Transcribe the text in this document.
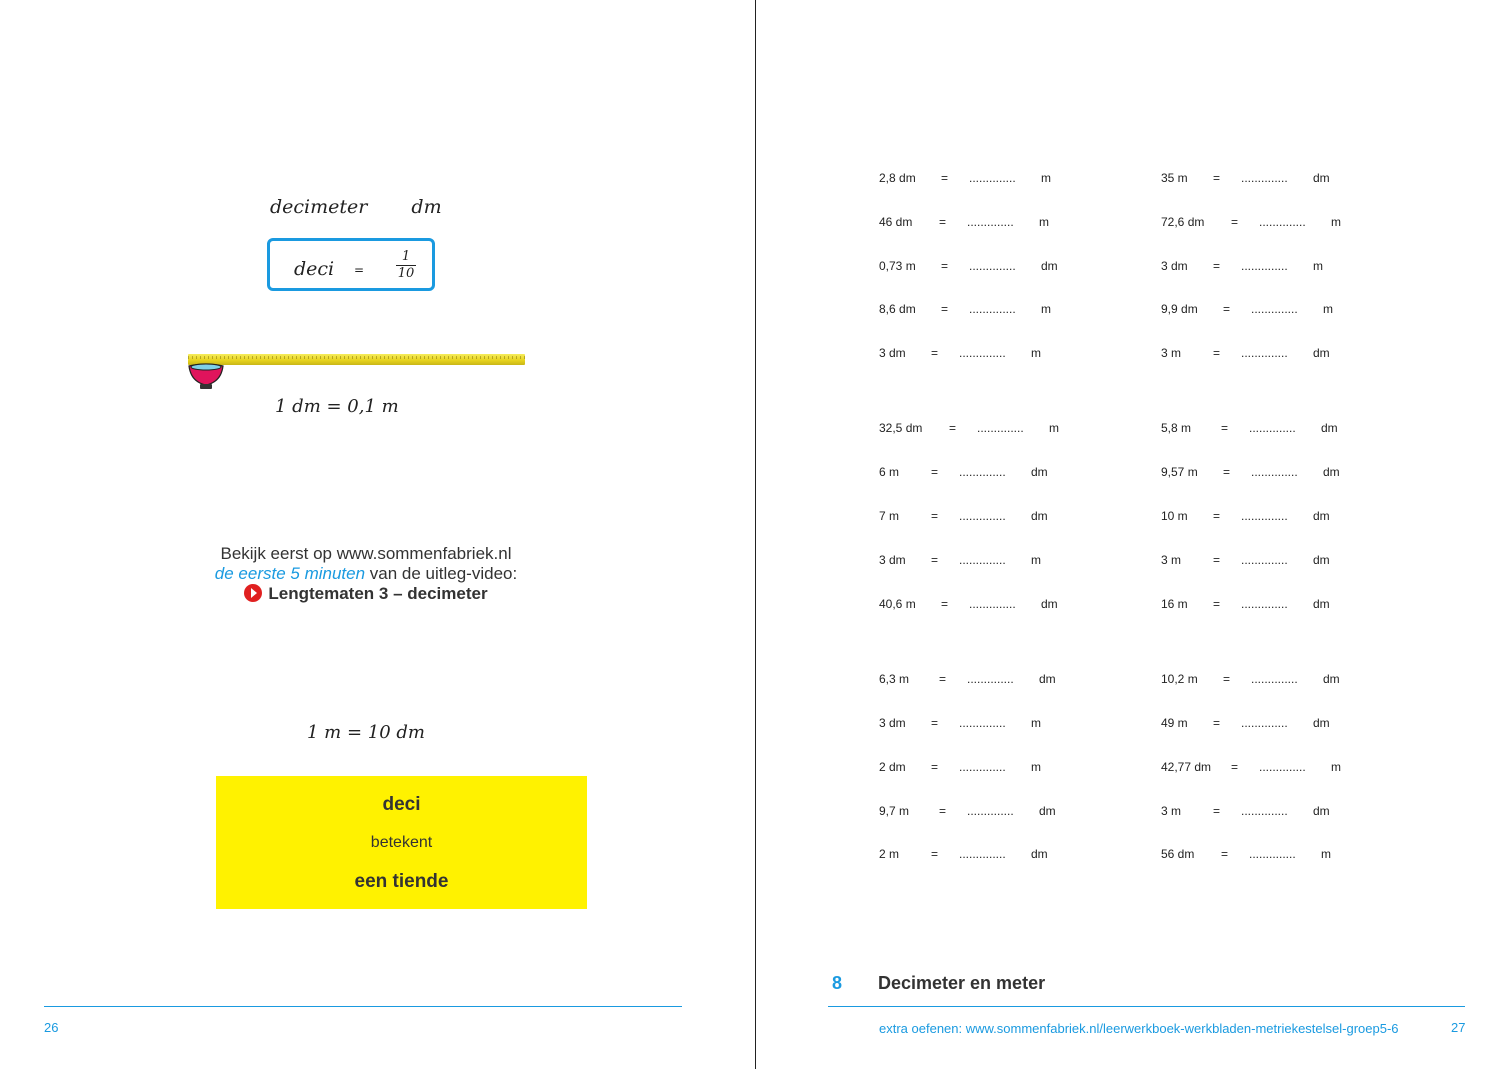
decimeter dm
deci =
1
10
1 dm = 0,1 m
Bekijk eerst op www.sommenfabriek.nl
de eerste 5 minuten van de uitleg-video:
Lengtematen 3 – decimeter
1 m = 10 dm
deci
betekent
een tiende
26
2,8 dm = .............. m
46 dm = .............. m
0,73 m = .............. dm
8,6 dm = .............. m
3 dm = .............. m
32,5 dm = .............. m
6 m	= .............. dm
7 m	= .............. dm
3 dm = .............. m
40,6 m = .............. dm
6,3 m = .............. dm
3 dm = .............. m
2 dm = .............. m
9,7 m = .............. dm
2 m	= .............. dm
35 m = .............. dm
72,6 dm = .............. m
3 dm = .............. m
9,9 dm = .............. m
3 m	= .............. dm
5,8 m = .............. dm
9,57 m = .............. dm
10 m = .............. dm
3 m	= .............. dm
16 m = .............. dm
10,2 m = .............. dm
49 m = .............. dm
42,77 dm = .............. m
3 m	= .............. dm
56 dm = .............. m
8 Decimeter en meter
extra oefenen: www.sommenfabriek.nl/leerwerkboek-werkbladen-metriekestelsel-groep5-6	27
